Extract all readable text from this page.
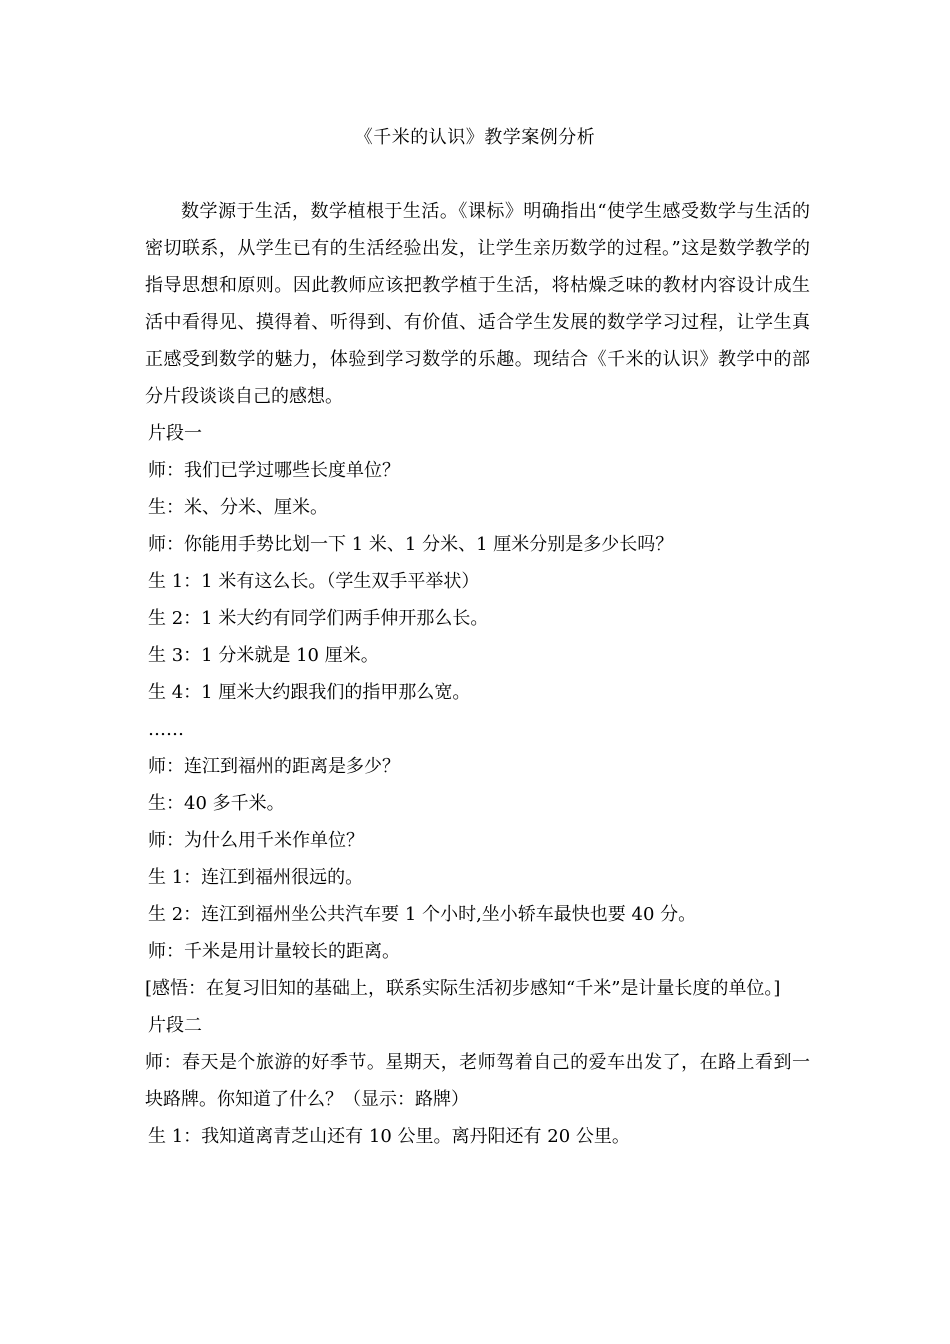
《千米的认识》教学案例分析

数学源于生活，数学植根于生活。《课标》明确指出“使学生感受数学与生活的密切联系，从学生已有的生活经验出发，让学生亲历数学的过程。”这是数学教学的指导思想和原则。因此教师应该把教学植于生活，将枯燥乏味的教材内容设计成生活中看得见、摸得着、听得到、有价值、适合学生发展的数学学习过程，让学生真正感受到数学的魅力，体验到学习数学的乐趣。现结合《千米的认识》教学中的部分片段谈谈自己的感想。

片段一

师：我们已学过哪些长度单位？

生：米、分米、厘米。

师：你能用手势比划一下 1 米、1 分米、1 厘米分别是多少长吗？

生 1：1 米有这么长。（学生双手平举状）

生 2：1 米大约有同学们两手伸开那么长。

生 3：1 分米就是 10 厘米。

生 4：1 厘米大约跟我们的指甲那么宽。

……

师：连江到福州的距离是多少？

生：40 多千米。

师：为什么用千米作单位？

生 1：连江到福州很远的。

生 2：连江到福州坐公共汽车要 1 个小时,坐小轿车最快也要 40 分。

师：千米是用计量较长的距离。

[感悟：在复习旧知的基础上，联系实际生活初步感知“千米”是计量长度的单位。]

片段二

师：春天是个旅游的好季节。星期天，老师驾着自己的爱车出发了，在路上看到一块路牌。你知道了什么？（显示：路牌）

生 1：我知道离青芝山还有 10 公里。离丹阳还有 20 公里。
